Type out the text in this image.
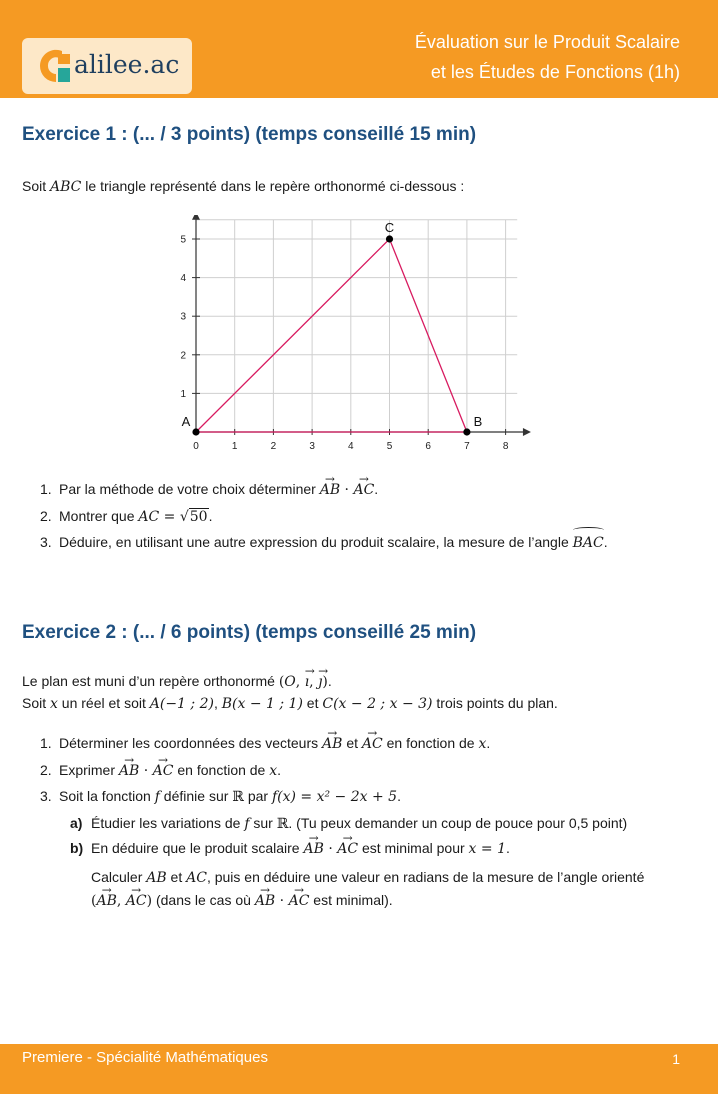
alilee.ac
Évaluation sur le Produit Scalaire
et les Études de Fonctions (1h)
Exercice 1 : (... / 3 points) (temps conseillé 15 min)
Soit ABC le triangle représenté dans le repère orthonormé ci-dessous :
0	1	2	3	4	5	6	7	8
1
2
3
4
5
A	B
C
1. Par la méthode de votre choix déterminer → AB · → AC.
2. Montrer que AC = √50.
3. Déduire, en utilisant une autre expression du produit scalaire, la mesure de l’angle BAC.
Exercice 2 : (... / 6 points) (temps conseillé 25 min)
Le plan est muni d’un repère orthonormé (O, → ı, → ȷ).
Soit x un réel et soit A(−1 ; 2), B(x − 1 ; 1) et C(x − 2 ; x − 3) trois points du plan.
1. Déterminer les coordonnées des vecteurs → AB et → AC en fonction de x.
2. Exprimer → AB · → AC en fonction de x.
3. Soit la fonction f définie sur ℝ par f(x) = x² − 2x + 5.
a) Étudier les variations de f sur ℝ. (Tu peux demander un coup de pouce pour 0,5 point)
b) En déduire que le produit scalaire → AB · → AC est minimal pour x = 1.
Calculer AB et AC, puis en déduire une valeur en radians de la mesure de l’angle orienté
(→ AB, → AC) (dans le cas où → AB · → AC est minimal).
Premiere - Spécialité Mathématiques	1
